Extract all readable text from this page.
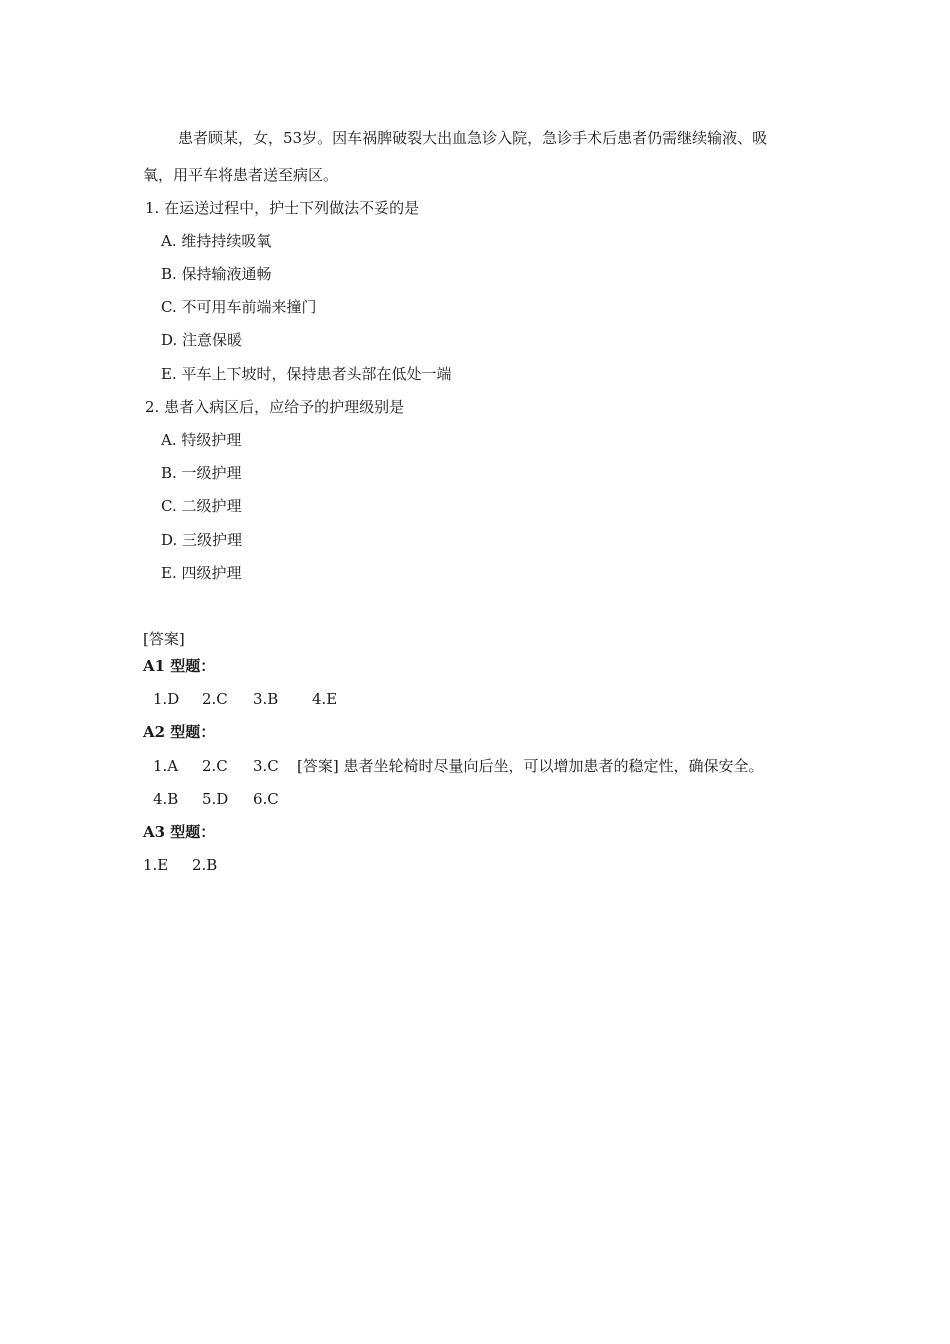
患者顾某，女，53岁。因车祸脾破裂大出血急诊入院，急诊手术后患者仍需继续输液、吸
氧，用平车将患者送至病区。
1. 在运送过程中，护士下列做法不妥的是
A. 维持持续吸氧
B. 保持输液通畅
C. 不可用车前端来撞门
D. 注意保暖
E. 平车上下坡时，保持患者头部在低处一端
2. 患者入病区后，应给予的护理级别是
A. 特级护理
B. 一级护理
C. 二级护理
D. 三级护理
E. 四级护理
[答案]
A1 型题：
1.D 2.C 3.B 4.E
A2 型题：
1.A 2.C 3.C [答案] 患者坐轮椅时尽量向后坐，可以增加患者的稳定性，确保安全。
4.B 5.D 6.C
A3 型题：
1.E 2.B
